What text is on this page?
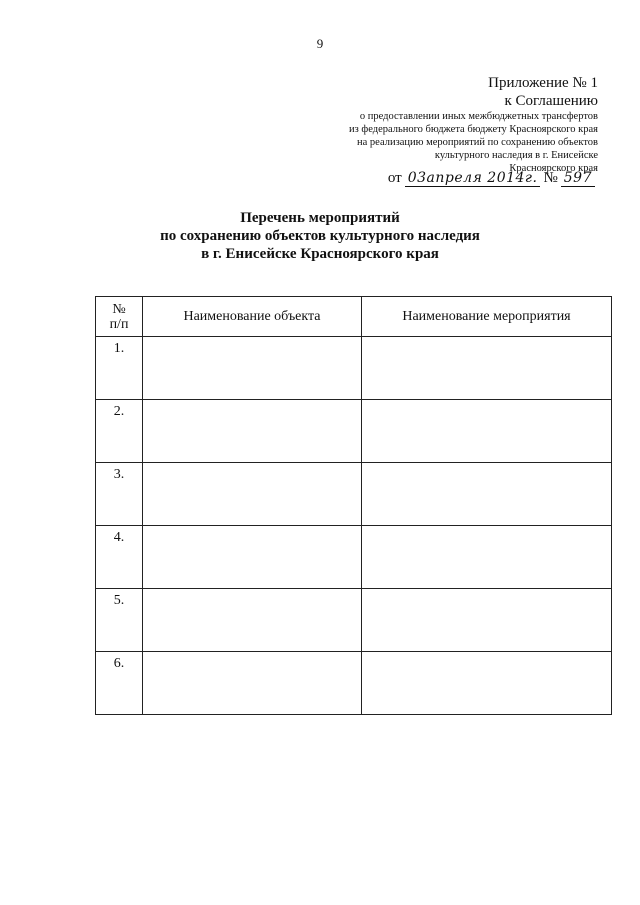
9
Приложение № 1
к Соглашению
о предоставлении иных межбюджетных трансфертов
из федерального бюджета бюджету Красноярского края
на реализацию мероприятий по сохранению объектов
культурного наследия в г. Енисейске
Красноярского края
от 03апреля 2014г. № 597
Перечень мероприятий
по сохранению объектов культурного наследия
в г. Енисейске Красноярского края
№
п/п	Наименование объекта	Наименование мероприятия
1.		
2.		
3.		
4.		
5.		
6.		
